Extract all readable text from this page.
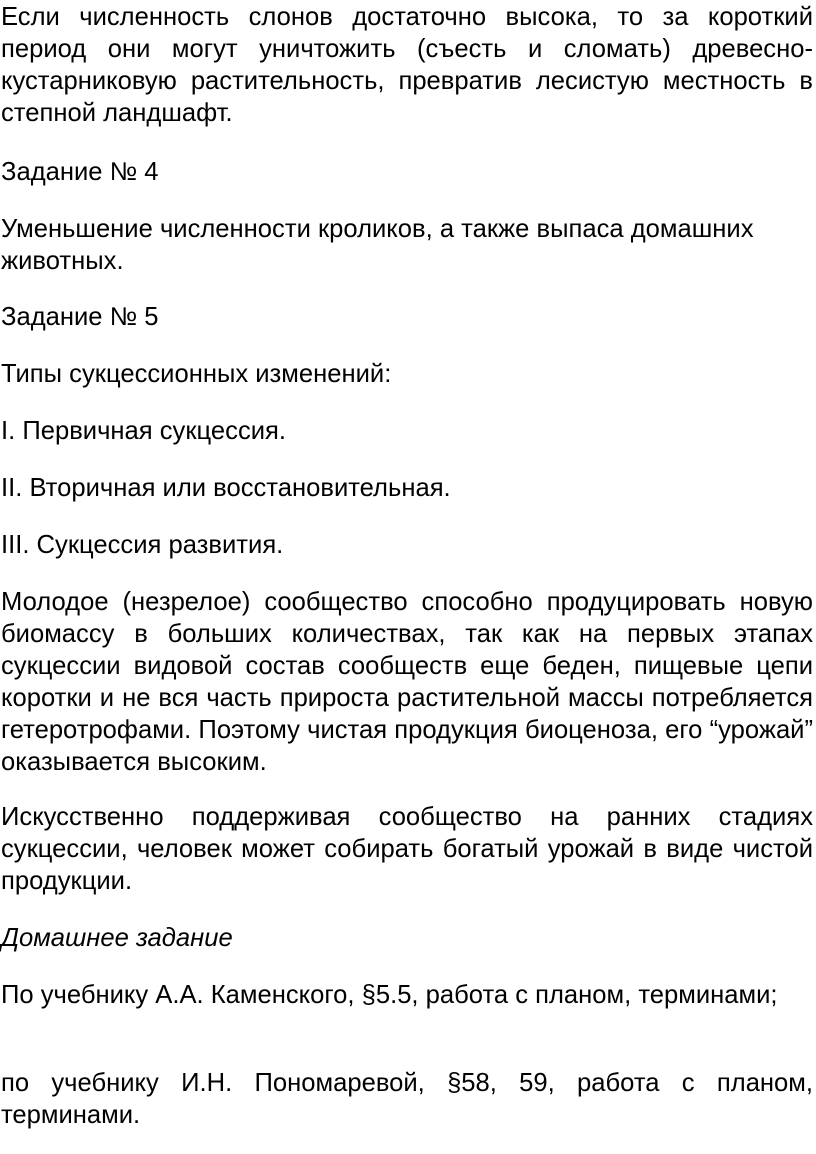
Если численность слонов достаточно высока, то за короткий период они могут уничтожить (съесть и сломать) древесно-кустарниковую растительность, превратив лесистую местность в степной ландшафт.

Задание № 4

Уменьшение численности кроликов, а также выпаса домашних животных.

Задание № 5

Типы сукцессионных изменений:

I. Первичная сукцессия.

II. Вторичная или восстановительная.

III. Сукцессия развития.

Молодое (незрелое) сообщество способно продуцировать новую биомассу в больших количествах, так как на первых этапах сукцессии видовой состав сообществ еще беден, пищевые цепи коротки и не вся часть прироста растительной массы потребляется гетеротрофами. Поэтому чистая продукция биоценоза, его “урожай” оказывается высоким.

Искусственно поддерживая сообщество на ранних стадиях сукцессии, человек может собирать богатый урожай в виде чистой продукции.

Домашнее задание

По учебнику А.А. Каменского, §5.5, работа с планом, терминами;

по учебнику И.Н. Пономаревой, §58, 59, работа с планом, терминами.
